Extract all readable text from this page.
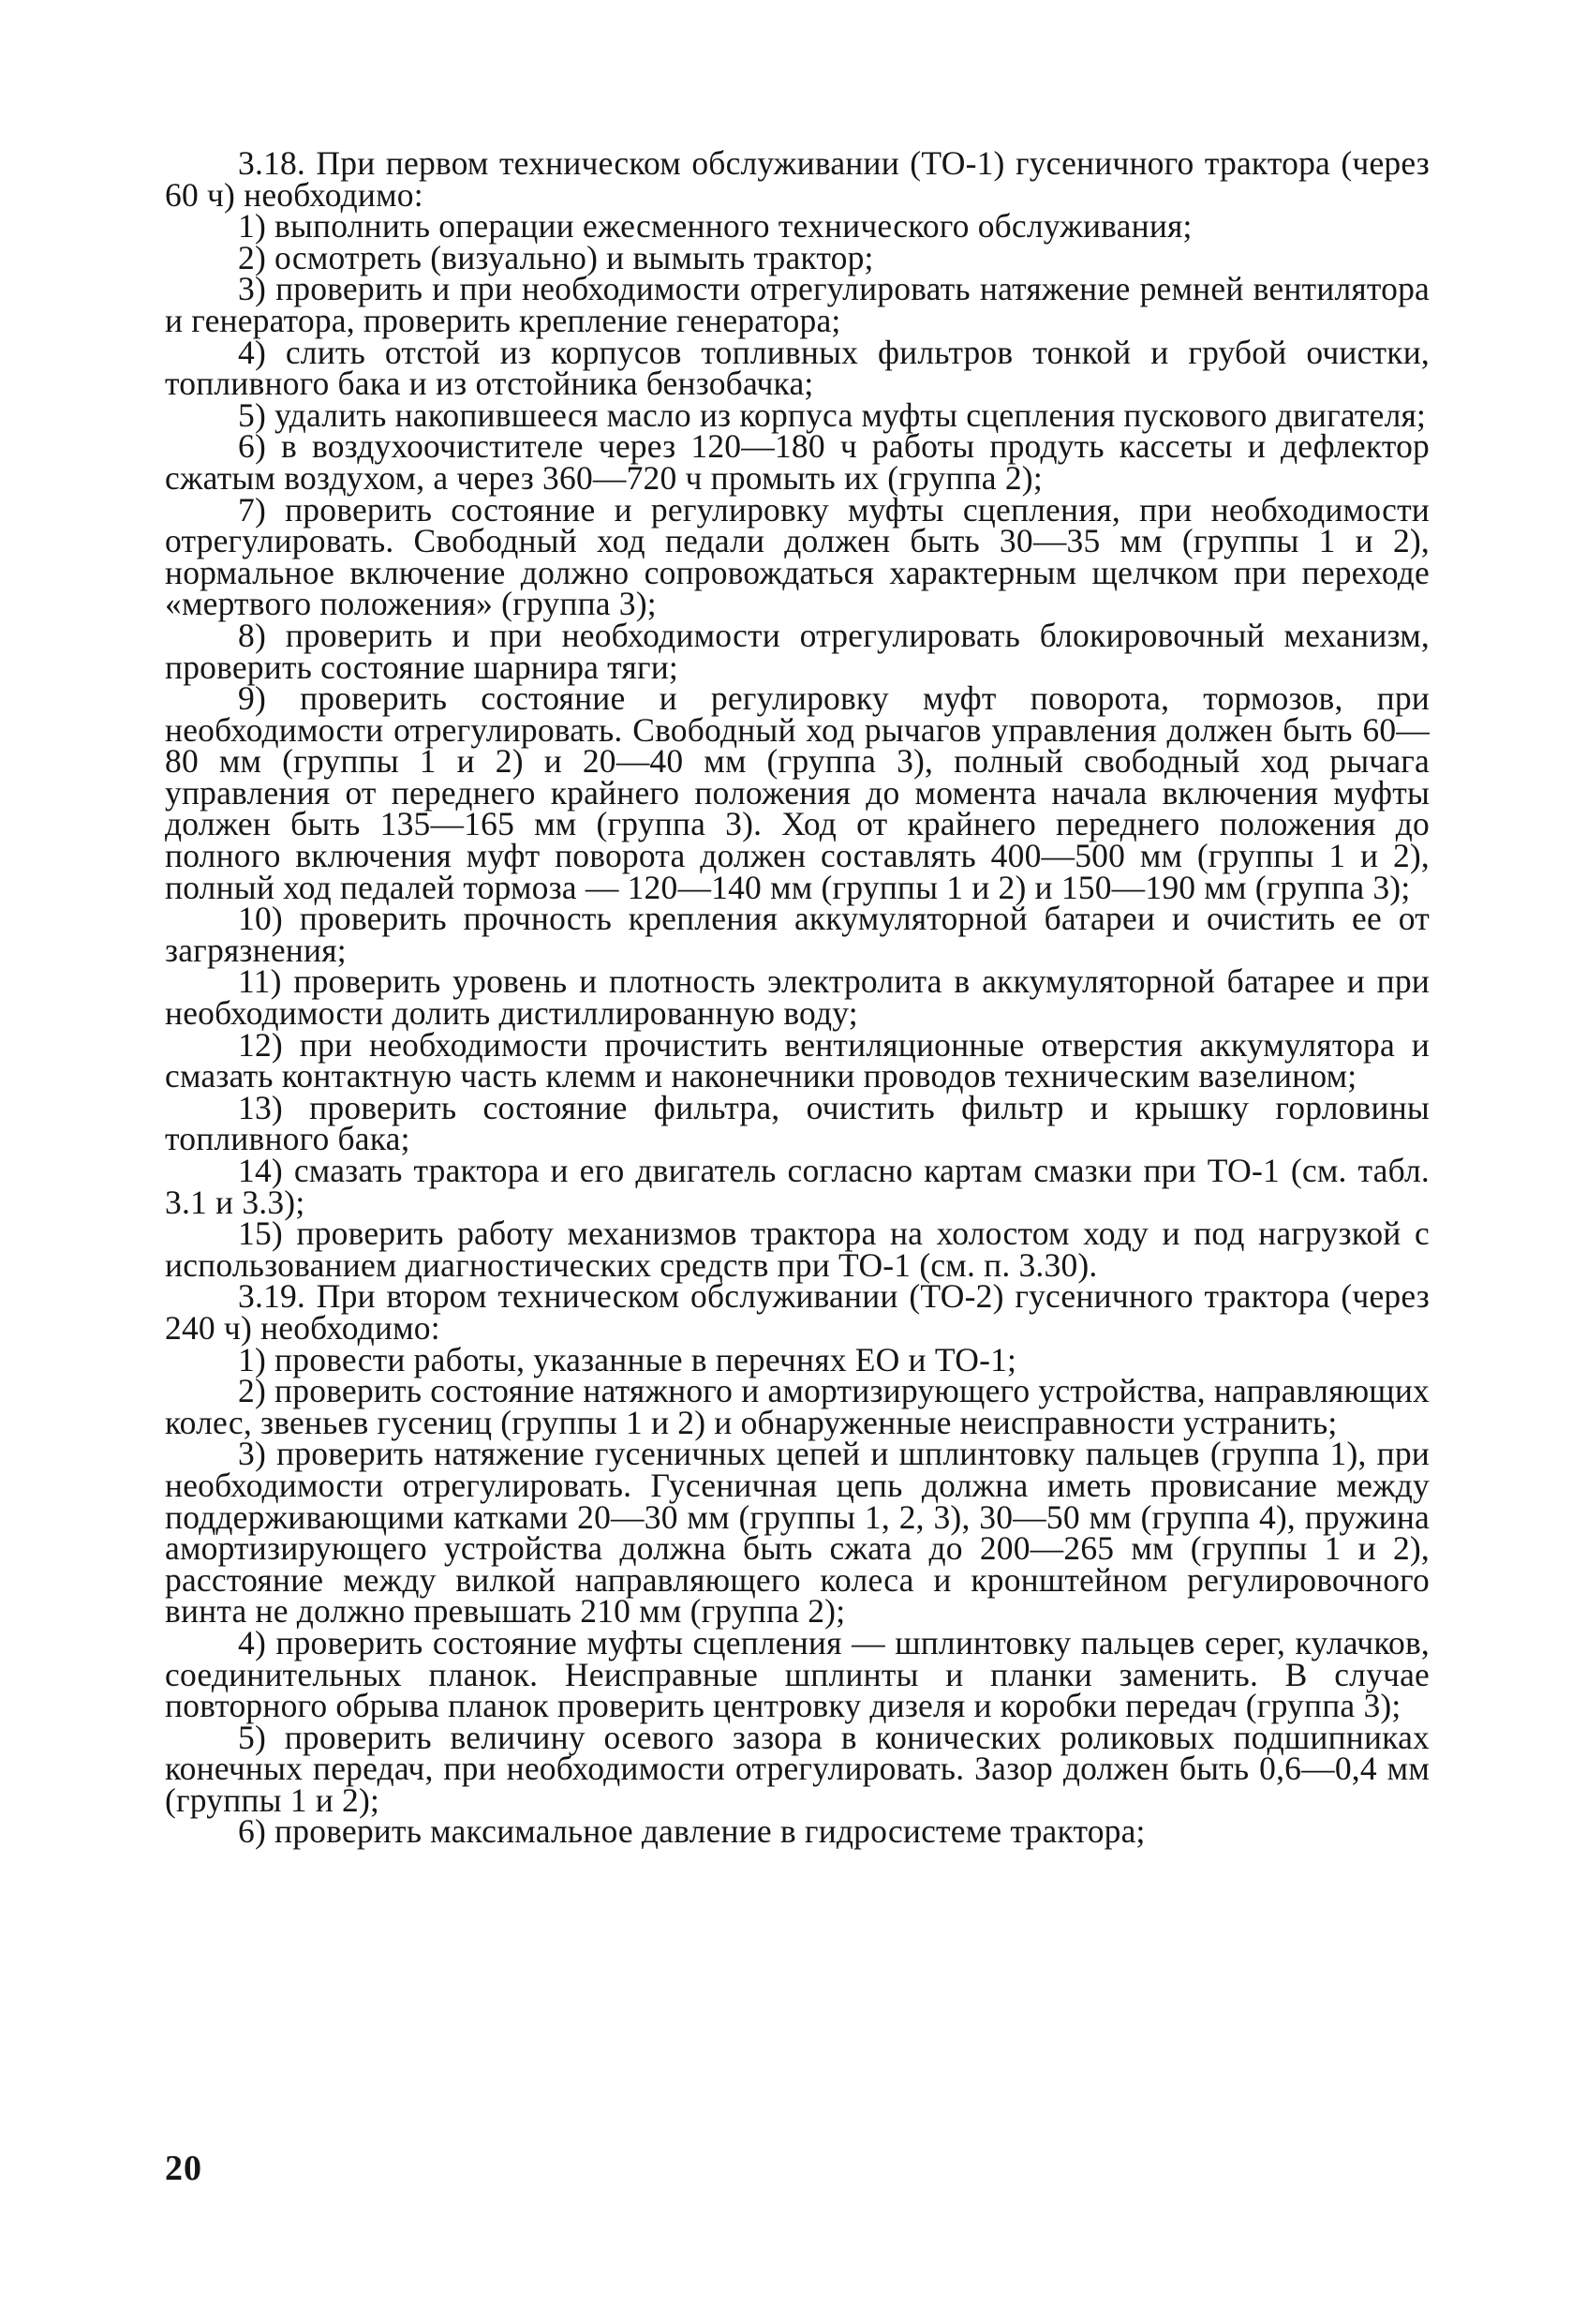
3.18. При первом техническом обслуживании (ТО-1) гусеничного трактора (через 60 ч) необходимо:

1) выполнить операции ежесменного технического обслуживания;

2) осмотреть (визуально) и вымыть трактор;

3) проверить и при необходимости отрегулировать натяжение ремней вентилятора и генератора, проверить крепление генератора;

4) слить отстой из корпусов топливных фильтров тонкой и грубой очистки, топливного бака и из отстойника бензобачка;

5) удалить накопившееся масло из корпуса муфты сцепления пускового двигателя;

6) в воздухоочистителе через 120—180 ч работы продуть кассеты и дефлектор сжатым воздухом, а через 360—720 ч промыть их (группа 2);

7) проверить состояние и регулировку муфты сцепления, при необходимости отрегулировать. Свободный ход педали должен быть 30—35 мм (группы 1 и 2), нормальное включение должно сопровождаться характерным щелчком при переходе «мертвого положения» (группа 3);

8) проверить и при необходимости отрегулировать блокировочный механизм, проверить состояние шарнира тяги;

9) проверить состояние и регулировку муфт поворота, тормозов, при необходимости отрегулировать. Свободный ход рычагов управления должен быть 60—80 мм (группы 1 и 2) и 20—40 мм (группа 3), полный свободный ход рычага управления от переднего крайнего положения до момента начала включения муфты должен быть 135—165 мм (группа 3). Ход от крайнего переднего положения до полного включения муфт поворота должен составлять 400—500 мм (группы 1 и 2), полный ход педалей тормоза — 120—140 мм (группы 1 и 2) и 150—190 мм (группа 3);

10) проверить прочность крепления аккумуляторной батареи и очистить ее от загрязнения;

11) проверить уровень и плотность электролита в аккумуляторной батарее и при необходимости долить дистиллированную воду;

12) при необходимости прочистить вентиляционные отверстия аккумулятора и смазать контактную часть клемм и наконечники проводов техническим вазелином;

13) проверить состояние фильтра, очистить фильтр и крышку горловины топливного бака;

14) смазать трактора и его двигатель согласно картам смазки при ТО-1 (см. табл. 3.1 и 3.3);

15) проверить работу механизмов трактора на холостом ходу и под нагрузкой с использованием диагностических средств при ТО-1 (см. п. 3.30).

3.19. При втором техническом обслуживании (ТО-2) гусеничного трактора (через 240 ч) необходимо:

1) провести работы, указанные в перечнях ЕО и ТО-1;

2) проверить состояние натяжного и амортизирующего устройства, направляющих колес, звеньев гусениц (группы 1 и 2) и обнаруженные неисправности устранить;

3) проверить натяжение гусеничных цепей и шплинтовку пальцев (группа 1), при необходимости отрегулировать. Гусеничная цепь должна иметь провисание между поддерживающими катками 20—30 мм (группы 1, 2, 3), 30—50 мм (группа 4), пружина амортизирующего устройства должна быть сжата до 200—265 мм (группы 1 и 2), расстояние между вилкой направляющего колеса и кронштейном регулировочного винта не должно превышать 210 мм (группа 2);

4) проверить состояние муфты сцепления — шплинтовку пальцев серег, кулачков, соединительных планок. Неисправные шплинты и планки заменить. В случае повторного обрыва планок проверить центровку дизеля и коробки передач (группа 3);

5) проверить величину осевого зазора в конических роликовых подшипниках конечных передач, при необходимости отрегулировать. Зазор должен быть 0,6—0,4 мм (группы 1 и 2);

6) проверить максимальное давление в гидросистеме трактора;

20
